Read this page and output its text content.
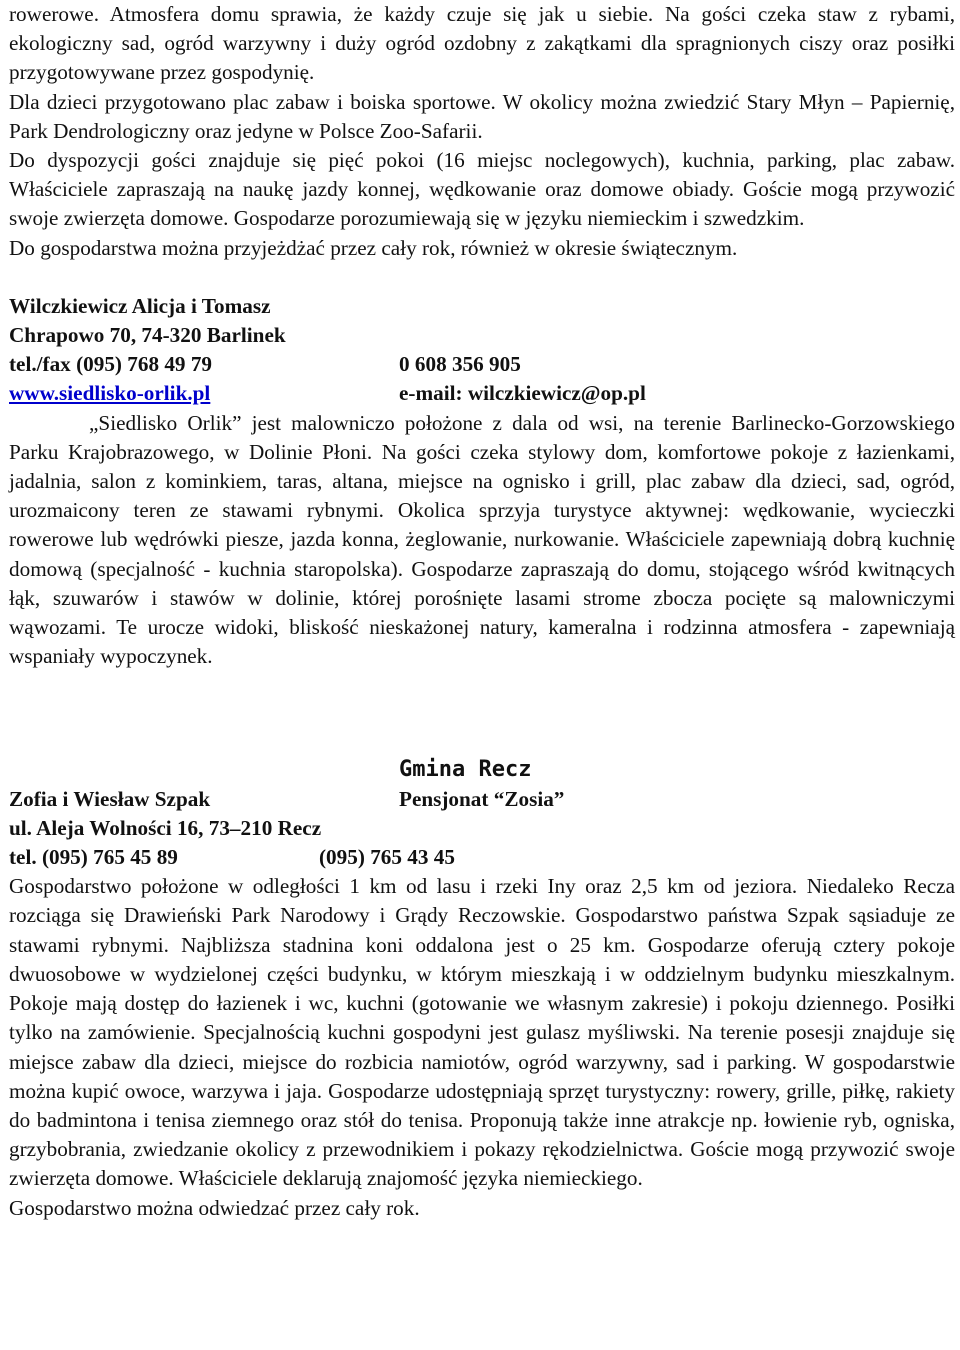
rowerowe. Atmosfera domu sprawia, że każdy czuje się jak u siebie. Na gości czeka staw z rybami, ekologiczny sad, ogród warzywny i duży ogród ozdobny z zakątkami dla spragnionych ciszy oraz posiłki przygotowywane przez gospodynię.

Dla dzieci przygotowano plac zabaw i boiska sportowe. W okolicy można zwiedzić Stary Młyn – Papiernię, Park Dendrologiczny oraz jedyne w Polsce Zoo-Safarii.

Do dyspozycji gości znajduje się pięć pokoi (16 miejsc noclegowych), kuchnia, parking, plac zabaw. Właściciele zapraszają na naukę jazdy konnej, wędkowanie oraz domowe obiady. Goście mogą przywozić swoje zwierzęta domowe. Gospodarze porozumiewają się w języku niemieckim i szwedzkim.

Do gospodarstwa można przyjeżdżać przez cały rok, również w okresie świątecznym.

Wilczkiewicz Alicja i Tomasz
Chrapowo 70, 74-320 Barlinek
tel./fax (095) 768 49 79	0 608 356 905
www.siedlisko-orlik.pl	e-mail: wilczkiewicz@op.pl

„Siedlisko Orlik” jest malowniczo położone z dala od wsi, na terenie Barlinecko-Gorzowskiego Parku Krajobrazowego, w Dolinie Płoni. Na gości czeka stylowy dom, komfortowe pokoje z łazienkami, jadalnia, salon z kominkiem, taras, altana, miejsce na ognisko i grill, plac zabaw dla dzieci, sad, ogród, urozmaicony teren ze stawami rybnymi. Okolica sprzyja turystyce aktywnej: wędkowanie, wycieczki rowerowe lub wędrówki piesze, jazda konna, żeglowanie, nurkowanie. Właściciele zapewniają dobrą kuchnię domową (specjalność - kuchnia staropolska). Gospodarze zapraszają do domu, stojącego wśród kwitnących łąk, szuwarów i stawów w dolinie, której porośnięte lasami strome zbocza pocięte są malowniczymi wąwozami. Te urocze widoki, bliskość nieskażonej natury, kameralna i rodzinna atmosfera - zapewniają wspaniały wypoczynek.

Gmina Recz
Zofia i Wiesław Szpak	Pensjonat “Zosia”
ul. Aleja Wolności 16, 73–210 Recz
tel. (095) 765 45 89	(095) 765 43 45

Gospodarstwo położone w odległości 1 km od lasu i rzeki Iny oraz 2,5 km od jeziora. Niedaleko Recza rozciąga się Drawieński Park Narodowy i Grądy Reczowskie. Gospodarstwo państwa Szpak sąsiaduje ze stawami rybnymi. Najbliższa stadnina koni oddalona jest o 25 km. Gospodarze oferują cztery pokoje dwuosobowe w wydzielonej części budynku, w którym mieszkają i w oddzielnym budynku mieszkalnym. Pokoje mają dostęp do łazienek i wc, kuchni (gotowanie we własnym zakresie) i pokoju dziennego. Posiłki tylko na zamówienie. Specjalnością kuchni gospodyni jest gulasz myśliwski. Na terenie posesji znajduje się miejsce zabaw dla dzieci, miejsce do rozbicia namiotów, ogród warzywny, sad i parking. W gospodarstwie można kupić owoce, warzywa i jaja. Gospodarze udostępniają sprzęt turystyczny: rowery, grille, piłkę, rakiety do badmintona i tenisa ziemnego oraz stół do tenisa. Proponują także inne atrakcje np. łowienie ryb, ogniska, grzybobrania, zwiedzanie okolicy z przewodnikiem i pokazy rękodzielnictwa. Goście mogą przywozić swoje zwierzęta domowe. Właściciele deklarują znajomość języka niemieckiego.

Gospodarstwo można odwiedzać przez cały rok.
